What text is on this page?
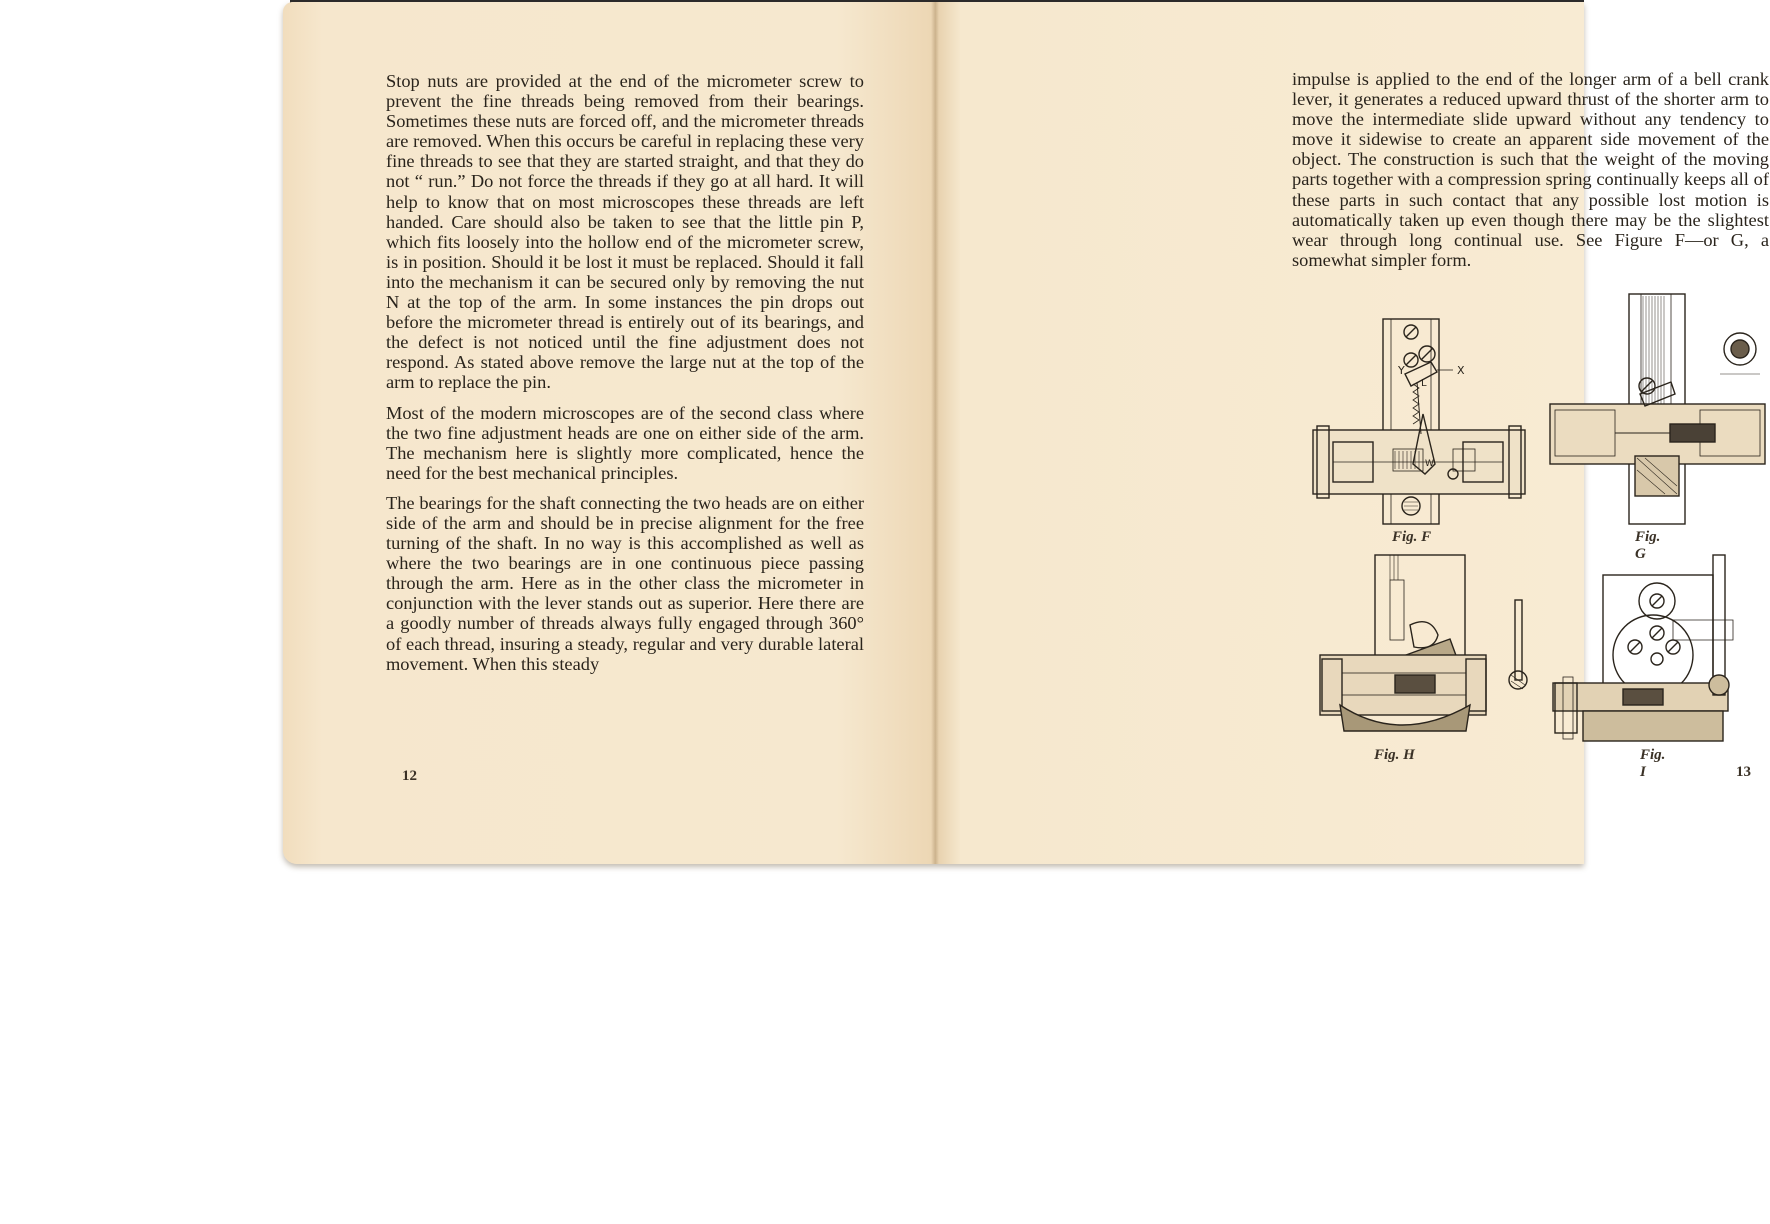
Stop nuts are provided at the end of the micrometer screw to prevent the fine threads being removed from their bearings. Sometimes these nuts are forced off, and the micrometer threads are removed. When this occurs be careful in replacing these very fine threads to see that they are started straight, and that they do not “ run.” Do not force the threads if they go at all hard. It will help to know that on most microscopes these threads are left handed. Care should also be taken to see that the little pin P, which fits loosely into the hollow end of the micrometer screw, is in position. Should it be lost it must be replaced. Should it fall into the mechanism it can be secured only by removing the nut N at the top of the arm. In some instances the pin drops out before the micrometer thread is entirely out of its bearings, and the defect is not noticed until the fine adjustment does not respond. As stated above remove the large nut at the top of the arm to replace the pin.

Most of the modern microscopes are of the second class where the two fine adjustment heads are one on either side of the arm. The mechanism here is slightly more complicated, hence the need for the best mechanical principles.

The bearings for the shaft connecting the two heads are on either side of the arm and should be in precise alignment for the free turning of the shaft. In no way is this accomplished as well as where the two bearings are in one continuous piece passing through the arm. Here as in the other class the micrometer in conjunction with the lever stands out as superior. Here there are a goodly number of threads always fully engaged through 360° of each thread, insuring a steady, regular and very durable lateral movement. When this steady

12

impulse is applied to the end of the longer arm of a bell crank lever, it generates a reduced upward thrust of the shorter arm to move the intermediate slide upward without any tendency to move it sidewise to create an apparent side movement of the object. The construction is such that the weight of the moving parts together with a compression spring continually keeps all of these parts in such contact that any possible lost motion is automatically taken up even though there may be the slightest wear through long continual use. See Figure F—or G, a somewhat simpler form.

Y	X
L
W
Fig. F	Fig. G
Fig. H	Fig. I	13
